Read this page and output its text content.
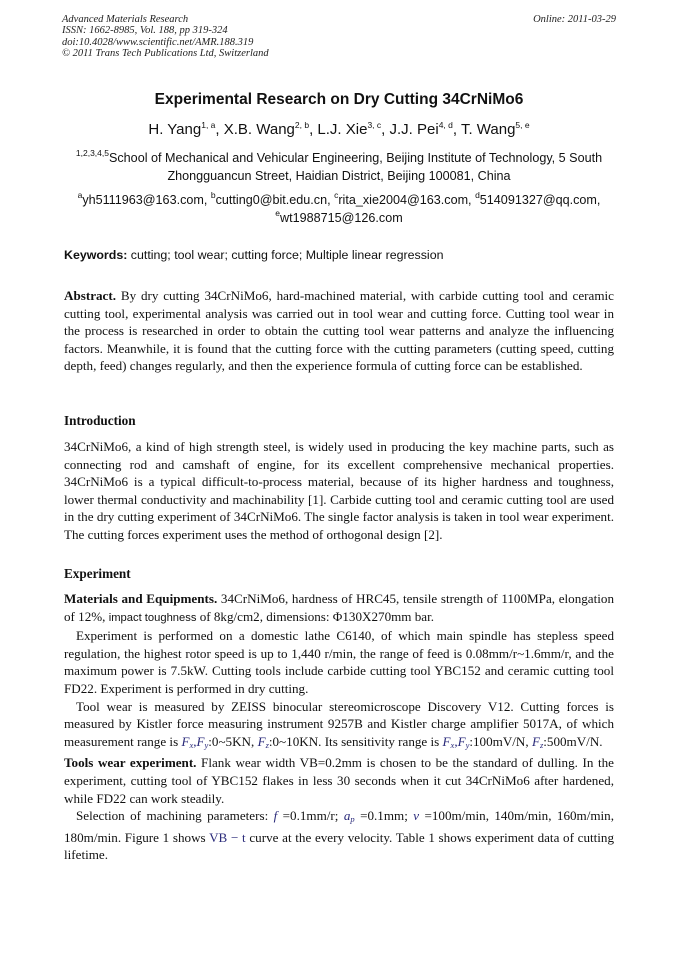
Advanced Materials Research
ISSN: 1662-8985, Vol. 188, pp 319-324
doi:10.4028/www.scientific.net/AMR.188.319
© 2011 Trans Tech Publications Ltd, Switzerland
Online: 2011-03-29
Experimental Research on Dry Cutting 34CrNiMo6
H. Yang$^{1, a}$, X.B. Wang$^{2, b}$, L.J. Xie$^{3, c}$, J.J. Pei$^{4, d}$, T. Wang$^{5, e}$
$^{1,2,3,4,5}$School of Mechanical and Vehicular Engineering, Beijing Institute of Technology, 5 South
Zhongguancun Street, Haidian District, Beijing 100081, China
$^a$yh5111963@163.com, $^b$cutting0@bit.edu.cn, $^c$rita_xie2004@163.com, $^d$514091327@qq.com,
$^e$wt1988715@126.com
Keywords: cutting; tool wear; cutting force; Multiple linear regression
Abstract. By dry cutting 34CrNiMo6, hard-machined material, with carbide cutting tool and ceramic cutting tool, experimental analysis was carried out in tool wear and cutting force. Cutting tool wear in the process is researched in order to obtain the cutting tool wear patterns and analyze the influencing factors. Meanwhile, it is found that the cutting force with the cutting parameters (cutting speed, cutting depth, feed) changes regularly, and then the experience formula of cutting force can be established.
Introduction
34CrNiMo6, a kind of high strength steel, is widely used in producing the key machine parts, such as connecting rod and camshaft of engine, for its excellent comprehensive mechanical properties. 34CrNiMo6 is a typical difficult-to-process material, because of its higher hardness and toughness, lower thermal conductivity and machinability [1]. Carbide cutting tool and ceramic cutting tool are used in the dry cutting experiment of 34CrNiMo6. The single factor analysis is taken in tool wear experiment. The cutting forces experiment uses the method of orthogonal design [2].
Experiment

Materials and Equipments. 34CrNiMo6, hardness of HRC45, tensile strength of 1100MPa, elongation of 12%, impact toughness of 8kg/cm2, dimensions: Φ130X270mm bar.

Experiment is performed on a domestic lathe C6140, of which main spindle has stepless speed regulation, the highest rotor speed is up to 1,440 r/min, the range of feed is 0.08mm/r~1.6mm/r, and the maximum power is 7.5kW. Cutting tools include carbide cutting tool YBC152 and ceramic cutting tool FD22. Experiment is performed in dry cutting.

Tool wear is measured by ZEISS binocular stereomicroscope Discovery V12. Cutting forces is measured by Kistler force measuring instrument 9257B and Kistler charge amplifier 5017A, of which measurement range is $F_x,F_y:0\sim 5KN$, $F_z:0\sim 10KN$. Its sensitivity range is $F_x,F_y:100mV/N$, $F_z:500mV/N$.

Tools wear experiment. Flank wear width VB=0.2mm is chosen to be the standard of dulling. In the experiment, cutting tool of YBC152 flakes in less 30 seconds when it cut 34CrNiMo6 after hardened, while FD22 can work steadily.

Selection of machining parameters: f =0.1mm/r; $a_p =0.1mm$; v =100m/min, 140m/min, 160m/min, 180m/min. Figure 1 shows VB − t curve at the every velocity. Table 1 shows experiment data of cutting lifetime.
